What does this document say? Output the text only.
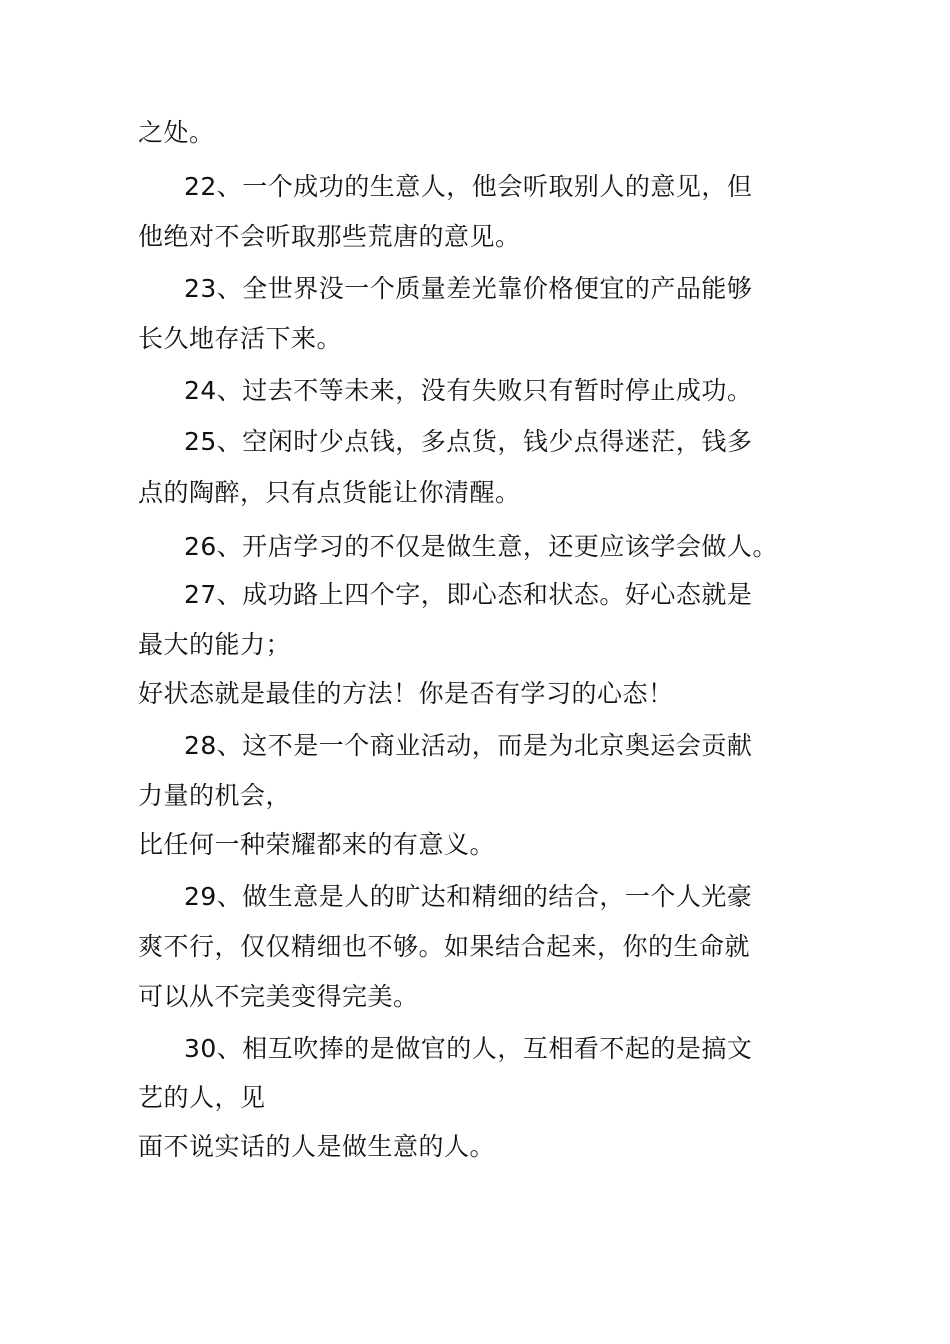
之处。
22、一个成功的生意人，他会听取别人的意见，但
他绝对不会听取那些荒唐的意见。
23、全世界没一个质量差光靠价格便宜的产品能够
长久地存活下来。
24、过去不等未来，没有失败只有暂时停止成功。
25、空闲时少点钱，多点货，钱少点得迷茫，钱多
点的陶醉，只有点货能让你清醒。
26、开店学习的不仅是做生意，还更应该学会做人。
27、成功路上四个字，即心态和状态。好心态就是
最大的能力；
好状态就是最佳的方法！你是否有学习的心态！
28、这不是一个商业活动，而是为北京奥运会贡献
力量的机会，
比任何一种荣耀都来的有意义。
29、做生意是人的旷达和精细的结合，一个人光豪
爽不行，仅仅精细也不够。如果结合起来，你的生命就
可以从不完美变得完美。
30、相互吹捧的是做官的人，互相看不起的是搞文
艺的人，见
面不说实话的人是做生意的人。
